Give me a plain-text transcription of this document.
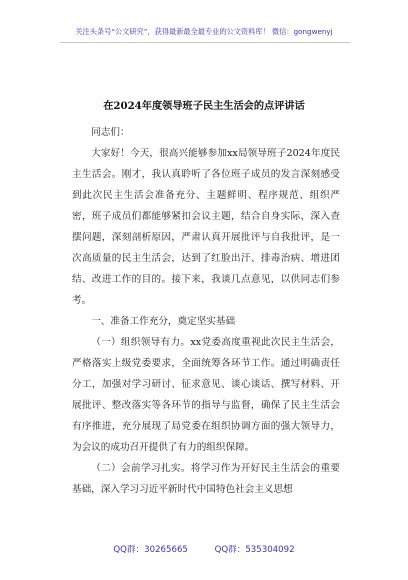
关注头条号“公文研究”，获得最新最全最专业的公文资料库！ 微信：gongwenyj
在2024年度领导班子民主生活会的点评讲话

同志们：

大家好！今天，很高兴能够参加xx局领导班子2024年度民主生活会。刚才，我认真聆听了各位班子成员的发言深刻感受到此次民主生活会准备充分、主题鲜明、程序规范、组织严密，班子成员们都能够紧扣会议主题，结合自身实际，深入查摆问题，深刻剖析原因，严肃认真开展批评与自我批评，是一次高质量的民主生活会，达到了红脸出汗、排毒治病、增进团结、改进工作的目的。接下来，我谈几点意见，以供同志们参考。

一、准备工作充分，奠定坚实基础

（一）组织领导有力。xx党委高度重视此次民主生活会，严格落实上级党委要求，全面统筹各环节工作。通过明确责任分工，加强对学习研讨、征求意见、谈心谈话、撰写材料、开展批评、整改落实等各环节的指导与监督，确保了民主生活会有序推进，充分展现了局党委在组织协调方面的强大领导力，为会议的成功召开提供了有力的组织保障。

（二）会前学习扎实。将学习作为开好民主生活会的重要基础，深入学习习近平新时代中国特色社会主义思想

QQ群：30265665	QQ群：535304092
